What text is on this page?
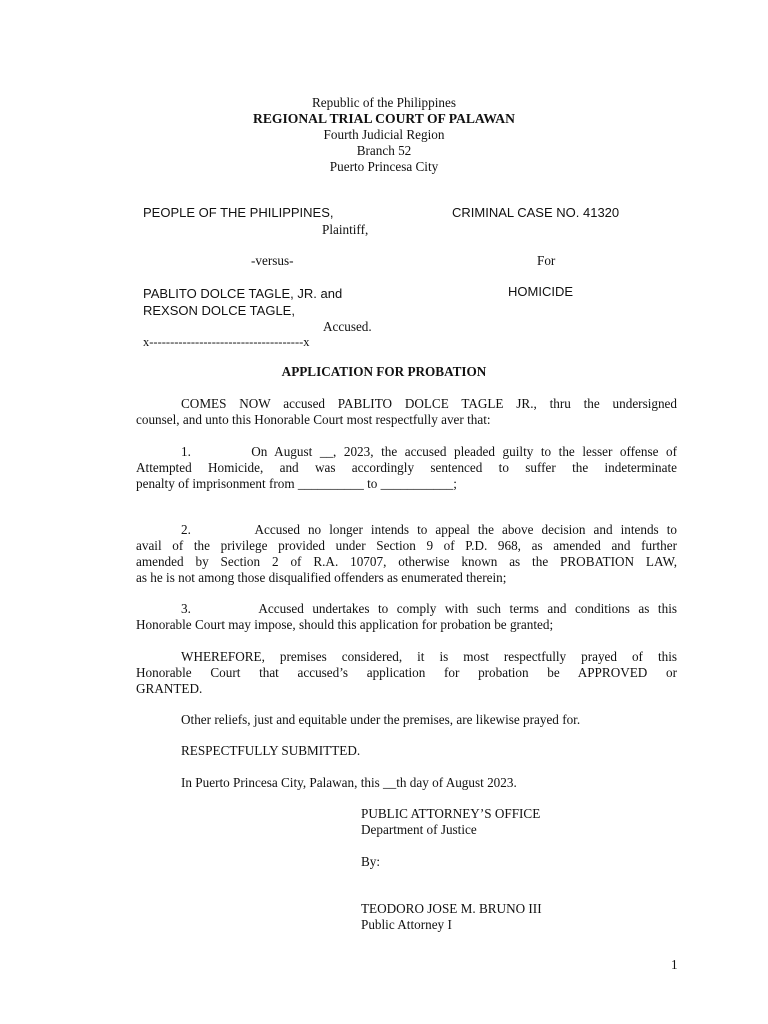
Republic of the Philippines
REGIONAL TRIAL COURT OF PALAWAN
Fourth Judicial Region
Branch 52
Puerto Princesa City
PEOPLE OF THE PHILIPPINES,
Plaintiff,
-versus-
PABLITO DOLCE TAGLE, JR. and
REXSON DOLCE TAGLE,
Accused.
x-------------------------------------x
CRIMINAL CASE NO. 41320
For
HOMICIDE
APPLICATION FOR PROBATION
COMES NOW accused PABLITO DOLCE TAGLE JR., thru the undersigned
counsel, and unto this Honorable Court most respectfully aver that:
1.        On August __, 2023, the accused pleaded guilty to the lesser offense of
Attempted Homicide, and was accordingly sentenced to suffer the indeterminate
penalty of imprisonment from __________ to ___________;
2.        Accused no longer intends to appeal the above decision and intends to
avail of the privilege provided under Section 9 of P.D. 968, as amended and further
amended by Section 2 of R.A. 10707, otherwise known as the PROBATION LAW,
as he is not among those disqualified offenders as enumerated therein;
3.        Accused undertakes to comply with such terms and conditions as this
Honorable Court may impose, should this application for probation be granted;
WHEREFORE, premises considered, it is most respectfully prayed of this
Honorable Court that accused’s application for probation be APPROVED or
GRANTED.
Other reliefs, just and equitable under the premises, are likewise prayed for.
RESPECTFULLY SUBMITTED.
In Puerto Princesa City, Palawan, this __th day of August 2023.
PUBLIC ATTORNEY’S OFFICE
Department of Justice
By:
TEODORO JOSE M. BRUNO III
Public Attorney I
1
